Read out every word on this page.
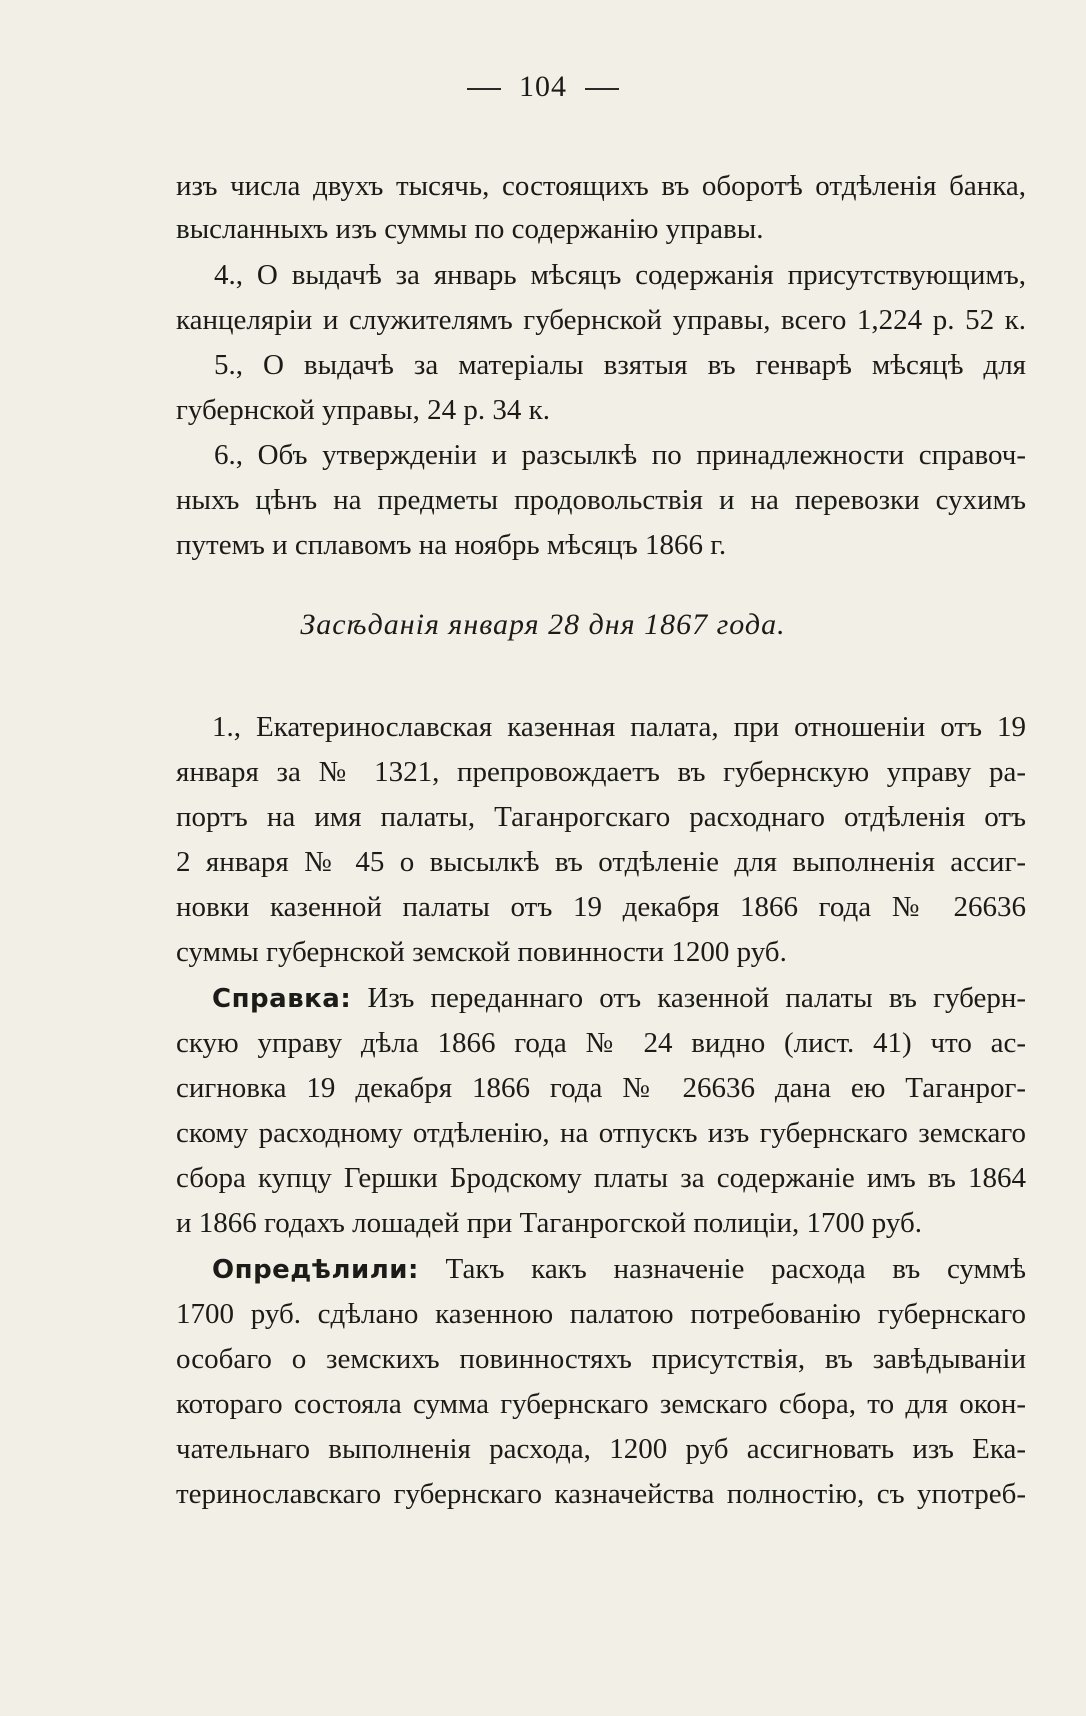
104
изъ числа двухъ тысячь, состоящихъ въ оборотѣ отдѣленія банка,
высланныхъ изъ суммы по содержанію управы.
4., О выдачѣ за январь мѣсяцъ содержанія присутствующимъ,
канцеляріи и служителямъ губернской управы, всего 1,224 р. 52 к.
5., О выдачѣ за матеріалы взятыя въ генварѣ мѣсяцѣ для
губернской управы, 24 р. 34 к.
6., Объ утвержденіи и разсылкѣ по принадлежности справоч-
ныхъ цѣнъ на предметы продовольствія и на перевозки сухимъ
путемъ и сплавомъ на ноябрь мѣсяцъ 1866 г.
Засѣданія января 28 дня 1867 года.
1., Екатеринославская казенная палата, при отношеніи отъ 19
января за № 1321, препровождаетъ въ губернскую управу ра-
портъ на имя палаты, Таганрогскаго расходнаго отдѣленія отъ
2 января № 45 о высылкѣ въ отдѣленіе для выполненія ассиг-
новки казенной палаты отъ 19 декабря 1866 года № 26636
суммы губернской земской повинности 1200 руб.
Справка: Изъ переданнаго отъ казенной палаты въ губерн-
скую управу дѣла 1866 года № 24 видно (лист. 41) что ас-
сигновка 19 декабря 1866 года № 26636 дана ею Таганрог-
скому расходному отдѣленію, на отпускъ изъ губернскаго земскаго
сбора купцу Гершки Бродскому платы за содержаніе имъ въ 1864
и 1866 годахъ лошадей при Таганрогской полиціи, 1700 руб.
Опредѣлили: Такъ какъ назначеніе расхода въ суммѣ
1700 руб. сдѣлано казенною палатою потребованію губернскаго
особаго о земскихъ повинностяхъ присутствія, въ завѣдываніи
котораго состояла сумма губернскаго земскаго сбора, то для окон-
чательнаго выполненія расхода, 1200 руб ассигновать изъ Ека-
теринославскаго губернскаго казначейства полностію, съ употреб-
